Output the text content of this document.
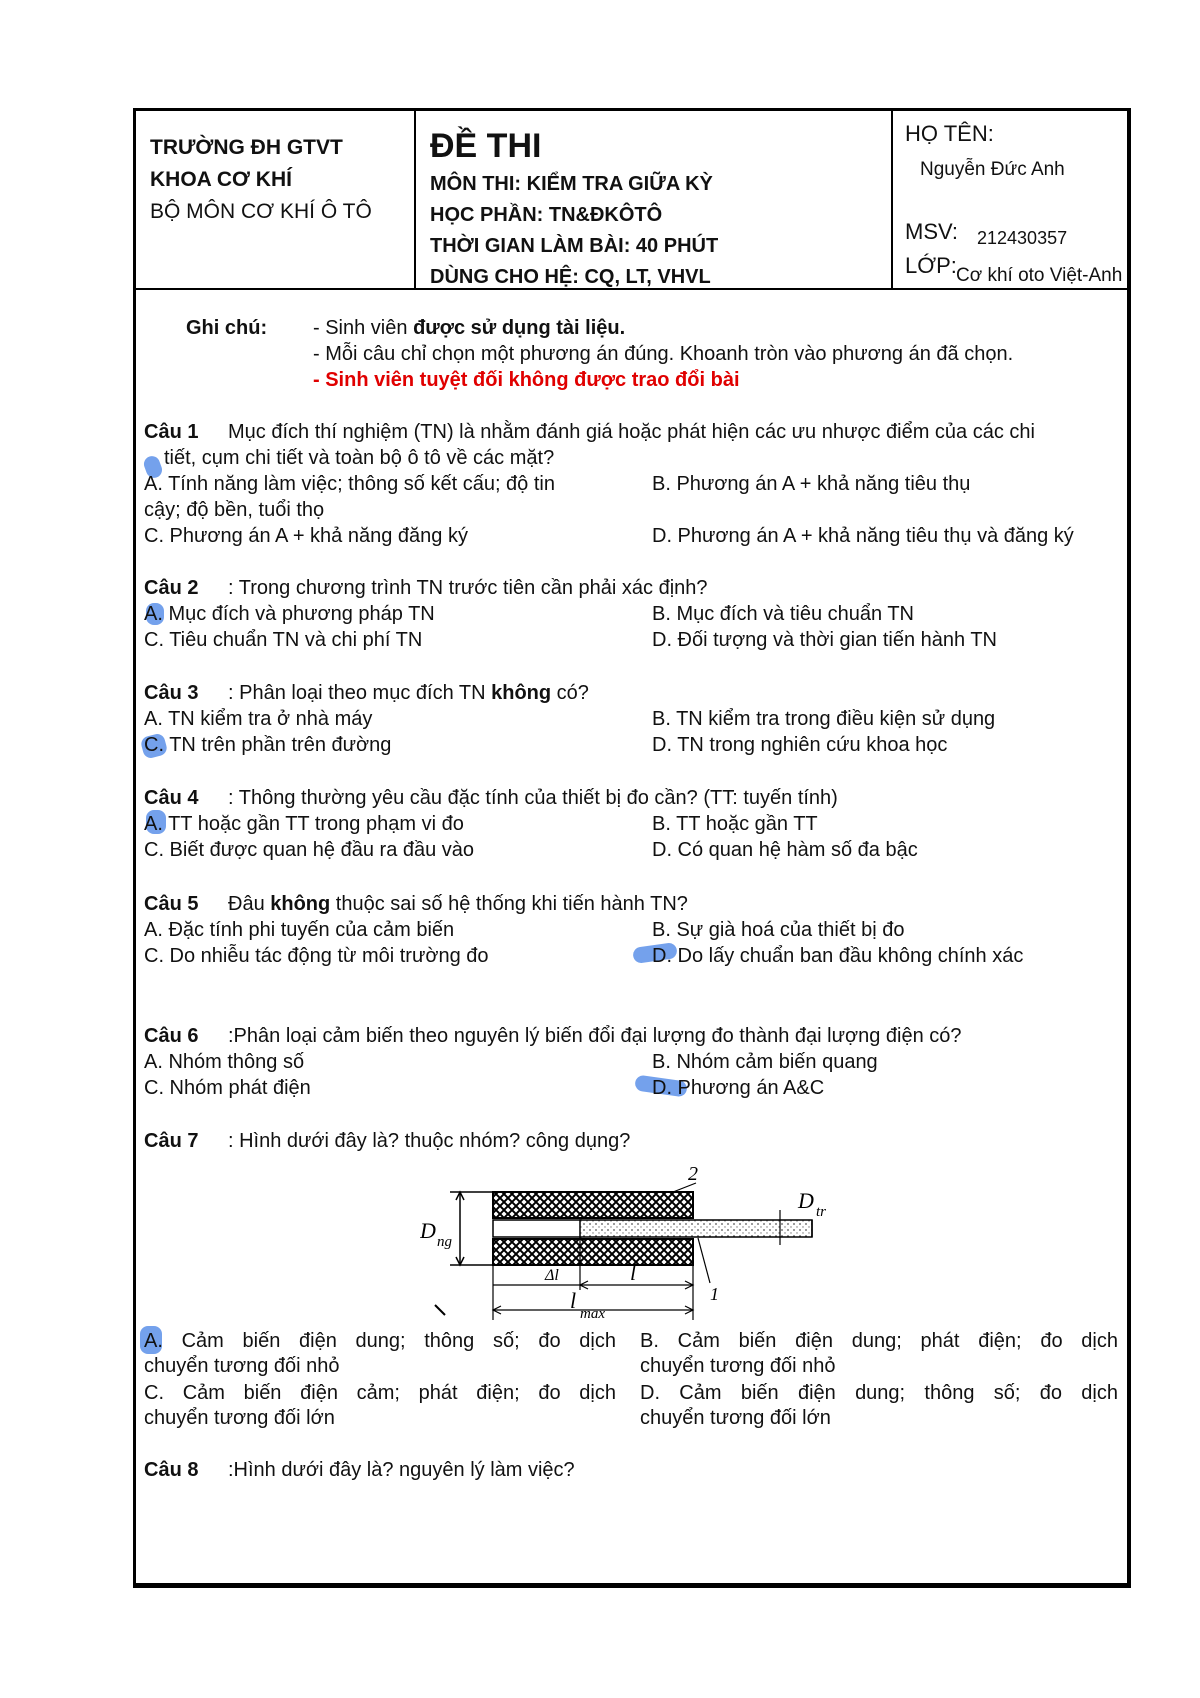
TRƯỜNG ĐH GTVT
KHOA CƠ KHÍ
BỘ MÔN CƠ KHÍ Ô TÔ
ĐỀ THI
MÔN THI: KIỂM TRA GIỮA KỲ
HỌC PHẦN: TN&ĐKÔTÔ
THỜI GIAN LÀM BÀI: 40 PHÚT
DÙNG CHO HỆ: CQ, LT, VHVL
HỌ TÊN:
Nguyễn Đức Anh
MSV: 212430357
LỚP: Cơ khí oto Việt-Anh
Ghi chú: - Sinh viên được sử dụng tài liệu.
- Mỗi câu chỉ chọn một phương án đúng. Khoanh tròn vào phương án đã chọn.
- Sinh viên tuyệt đối không được trao đổi bài
Câu 1 Mục đích thí nghiệm (TN) là nhằm đánh giá hoặc phát hiện các ưu nhược điểm của các chi
tiết, cụm chi tiết và toàn bộ ô tô về các mặt?
A. Tính năng làm việc; thông số kết cấu; độ tin
cậy; độ bền, tuổi thọ
B. Phương án A + khả năng tiêu thụ
C. Phương án A + khả năng đăng ký	D. Phương án A + khả năng tiêu thụ và đăng ký
Câu 2 : Trong chương trình TN trước tiên cần phải xác định?
A. Mục đích và phương pháp TN	B. Mục đích và tiêu chuẩn TN
C. Tiêu chuẩn TN và chi phí TN	D. Đối tượng và thời gian tiến hành TN
Câu 3 : Phân loại theo mục đích TN không có?
A. TN kiểm tra ở nhà máy	B. TN kiểm tra trong điều kiện sử dụng
C. TN trên phần trên đường	D. TN trong nghiên cứu khoa học
Câu 4 : Thông thường yêu cầu đặc tính của thiết bị đo cần? (TT: tuyến tính)
A. TT hoặc gần TT trong phạm vi đo	B. TT hoặc gần TT
C. Biết được quan hệ đầu ra đầu vào	D. Có quan hệ hàm số đa bậc
Câu 5 Đâu không thuộc sai số hệ thống khi tiến hành TN?
A. Đặc tính phi tuyến của cảm biến	B. Sự già hoá của thiết bị đo
C. Do nhiễu tác động từ môi trường đo	D. Do lấy chuẩn ban đầu không chính xác
Câu 6 :Phân loại cảm biến theo nguyên lý biến đổi đại lượng đo thành đại lượng điện có?
A. Nhóm thông số	B. Nhóm cảm biến quang
C. Nhóm phát điện	D. Phương án A&C
Câu 7 : Hình dưới đây là? thuộc nhóm? công dụng?
2
1
D ng
D tr
Δl	l
l
max
A. Cảm biến điện dung; thông số; đo dịch
chuyển tương đối nhỏ
B. Cảm biến điện dung; phát điện; đo dịch
chuyển tương đối nhỏ
C. Cảm biến điện cảm; phát điện; đo dịch
chuyển tương đối lớn
D. Cảm biến điện dung; thông số; đo dịch
chuyển tương đối lớn
Câu 8 :Hình dưới đây là? nguyên lý làm việc?
